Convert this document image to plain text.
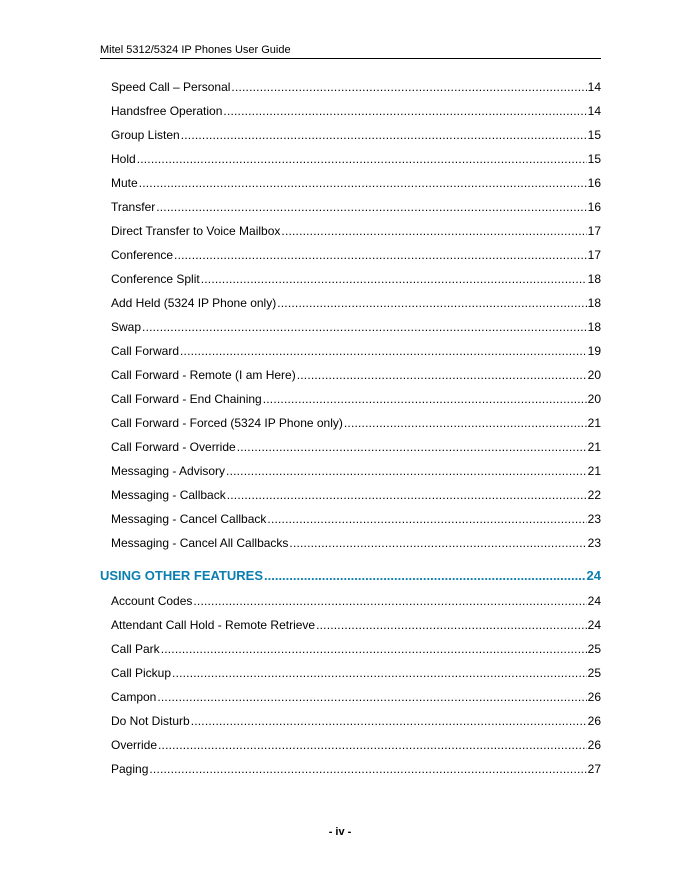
Mitel 5312/5324 IP Phones User Guide
Speed Call – Personal .....	14
Handsfree Operation .....	14
Group Listen .....	15
Hold .....	15
Mute .....	16
Transfer .....	16
Direct Transfer to Voice Mailbox .....	17
Conference .....	17
Conference Split .....	18
Add Held (5324 IP Phone only) .....	18
Swap .....	18
Call Forward .....	19
Call Forward - Remote (I am Here) .....	20
Call Forward - End Chaining .....	20
Call Forward - Forced (5324 IP Phone only) .....	21
Call Forward - Override .....	21
Messaging - Advisory .....	21
Messaging - Callback .....	22
Messaging - Cancel Callback .....	23
Messaging - Cancel All Callbacks .....	23
USING OTHER FEATURES .....	24
Account Codes .....	24
Attendant Call Hold - Remote Retrieve .....	24
Call Park .....	25
Call Pickup .....	25
Campon .....	26
Do Not Disturb .....	26
Override .....	26
Paging .....	27
- iv -
